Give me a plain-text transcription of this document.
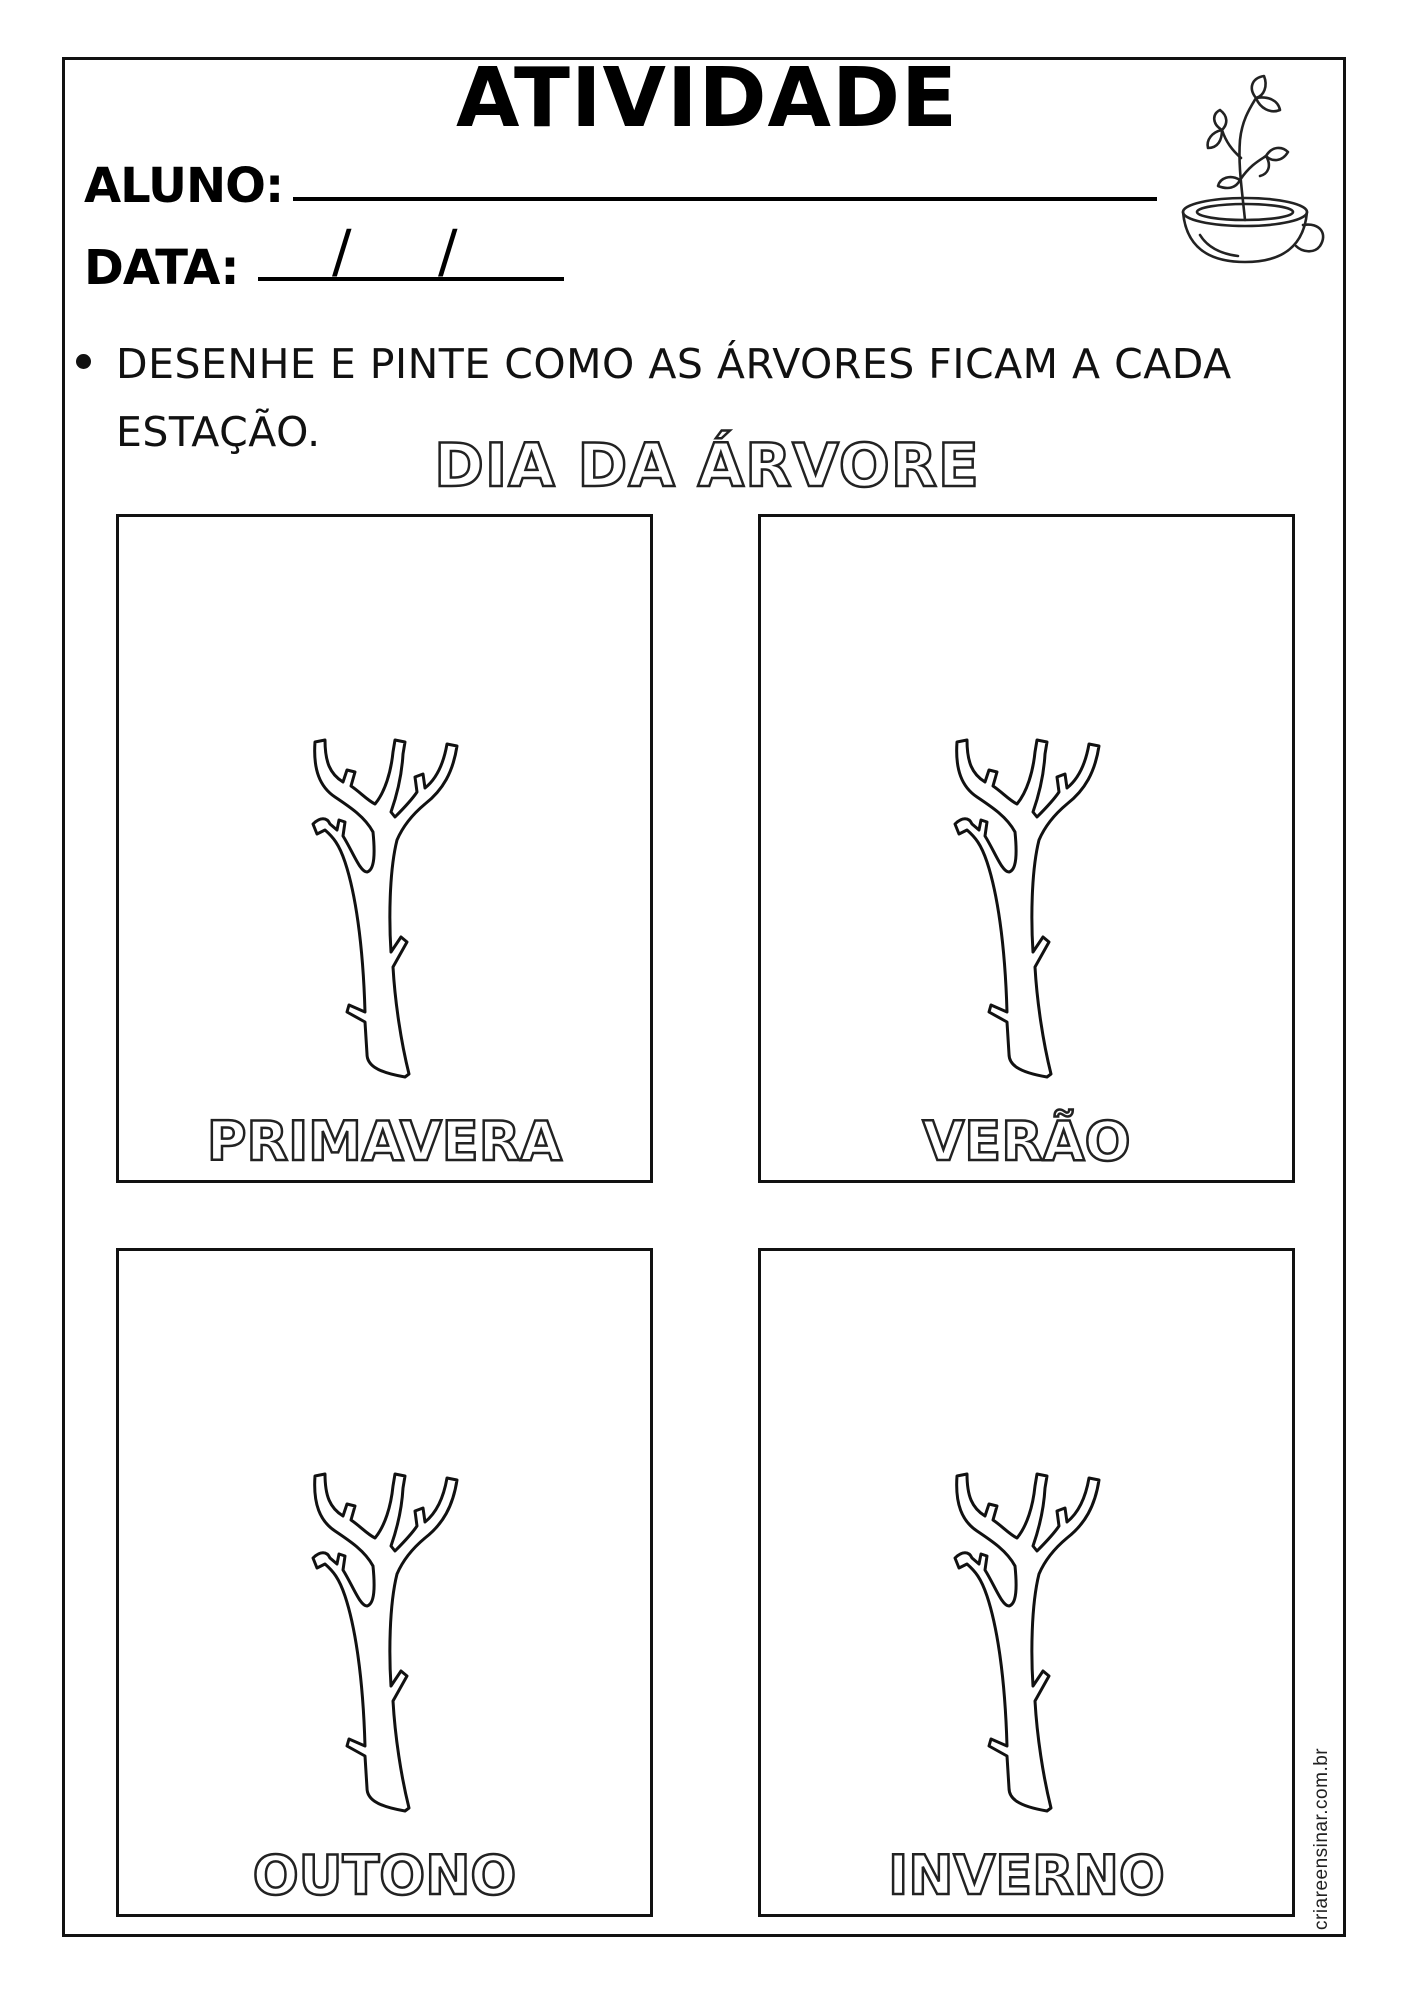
ATIVIDADE
ALUNO:
DATA: / /
DESENHE E PINTE COMO AS ÁRVORES FICAM A CADA ESTAÇÃO.	DIA DA ÁRVORE
PRIMAVERA	VERÃO
OUTONO	INVERNO	criareensinar.com.br
